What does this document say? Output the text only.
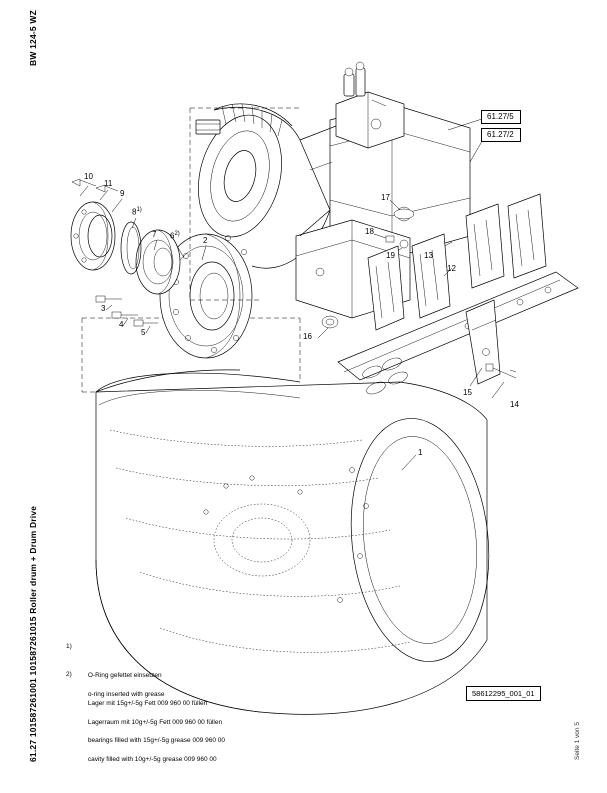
BW 124-5 WZ
61.27 101587261001 101587261015 Roller drum + Drum Drive	Seite 1 von 5
61.27/5
61.27/2
10
11
9
8$^{1)}$
7 6$^{2)}$
2
3
4
5	16
17
18
19	13
12
15
14
1

1)

O-Ring gefettet einsetzen

o-ring inserted with grease

2)

Lager mit 15g+/-5g Fett 009 960 00 füllen

Lagerraum mit 10g+/-5g Fett 009 960 00 füllen

bearings filled with 15g+/-5g grease 009 960 00

cavity filled with 10g+/-5g grease 009 960 00

58612295_001_01
